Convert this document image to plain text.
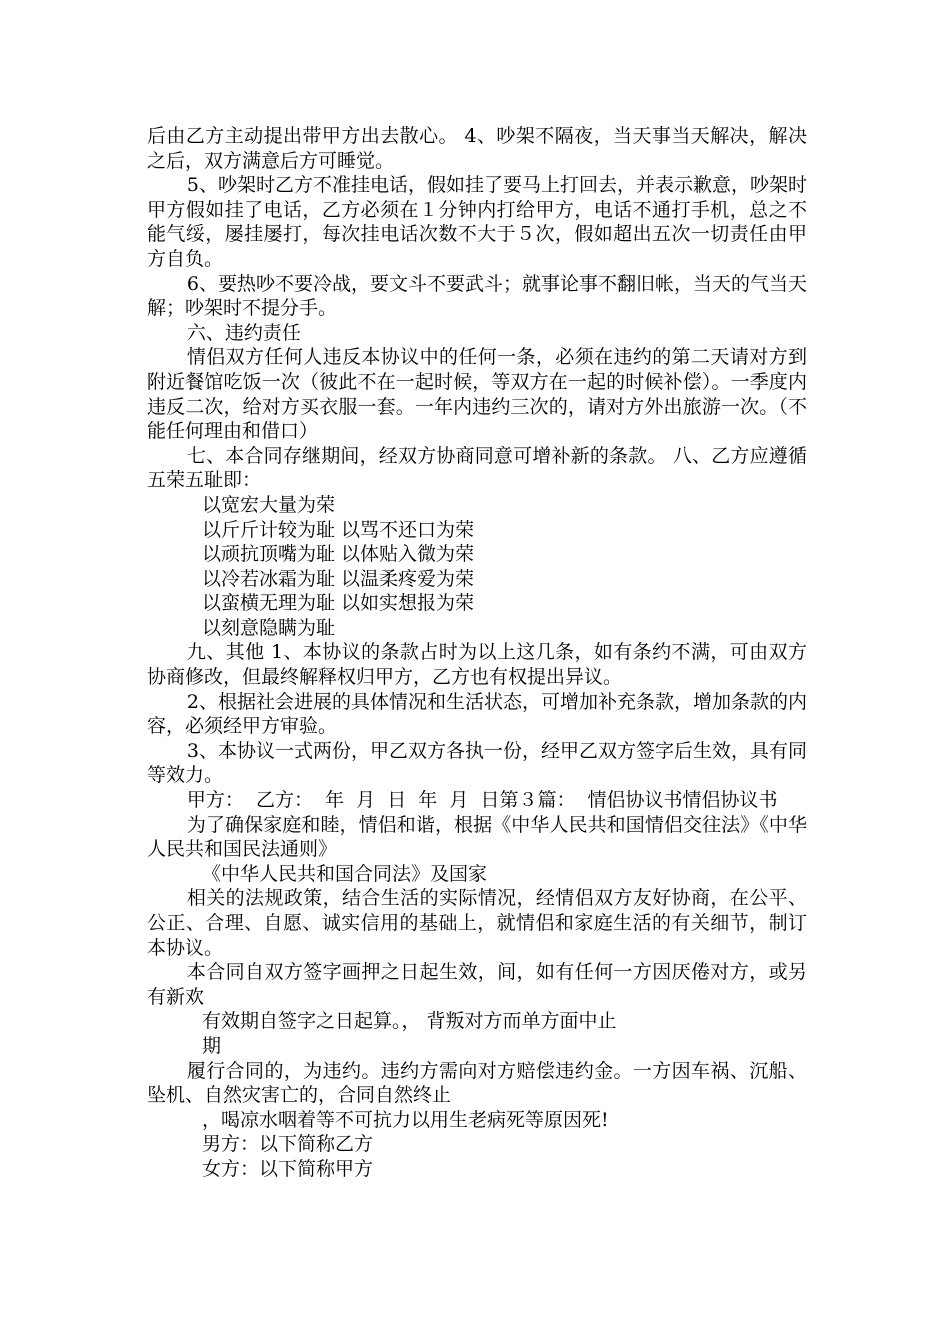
后由乙方主动提出带甲方出去散心。 4、吵架不隔夜，当天事当天解决，解决之后，双方满意后方可睡觉。

5、吵架时乙方不准挂电话，假如挂了要马上打回去，并表示歉意，吵架时甲方假如挂了电话，乙方必须在１分钟内打给甲方，电话不通打手机，总之不能气绥，屡挂屡打，每次挂电话次数不大于５次，假如超出五次一切责任由甲方自负。

6、要热吵不要冷战，要文斗不要武斗；就事论事不翻旧帐，当天的气当天解；吵架时不提分手。

六、违约责任

情侣双方任何人违反本协议中的任何一条，必须在违约的第二天请对方到附近餐馆吃饭一次（彼此不在一起时候，等双方在一起的时候补偿）。一季度内违反二次，给对方买衣服一套。一年内违约三次的，请对方外出旅游一次。（不能任何理由和借口）

七、本合同存继期间，经双方协商同意可增补新的条款。 八、乙方应遵循五荣五耻即：

以宽宏大量为荣

以斤斤计较为耻 以骂不还口为荣

以顽抗顶嘴为耻 以体贴入微为荣

以冷若冰霜为耻 以温柔疼爱为荣

以蛮横无理为耻 以如实想报为荣

以刻意隐瞒为耻

九、其他 1、本协议的条款占时为以上这几条，如有条约不满，可由双方协商修改，但最终解释权归甲方，乙方也有权提出异议。

2、根据社会进展的具体情况和生活状态，可增加补充条款，增加条款的内容，必须经甲方审验。

3、本协议一式两份，甲乙双方各执一份，经甲乙双方签字后生效，具有同等效力。

甲方：  乙方：  年  月  日  年  月  日第３篇：  情侣协议书情侣协议书

为了确保家庭和睦，情侣和谐，根据《中华人民共和国情侣交往法》《中华人民共和国民法通则》

《中华人民共和国合同法》及国家

相关的法规政策，结合生活的实际情况，经情侣双方友好协商，在公平、公正、合理、自愿、诚实信用的基础上，就情侣和家庭生活的有关细节，制订本协议。

本合同自双方签字画押之日起生效，间，如有任何一方因厌倦对方，或另有新欢

有效期自签字之日起算。， 背叛对方而单方面中止

期

履行合同的，为违约。违约方需向对方赔偿违约金。一方因车祸、沉船、坠机、自然灾害亡的，合同自然终止

，喝凉水咽着等不可抗力以用生老病死等原因死!

男方：以下简称乙方

女方：以下简称甲方
